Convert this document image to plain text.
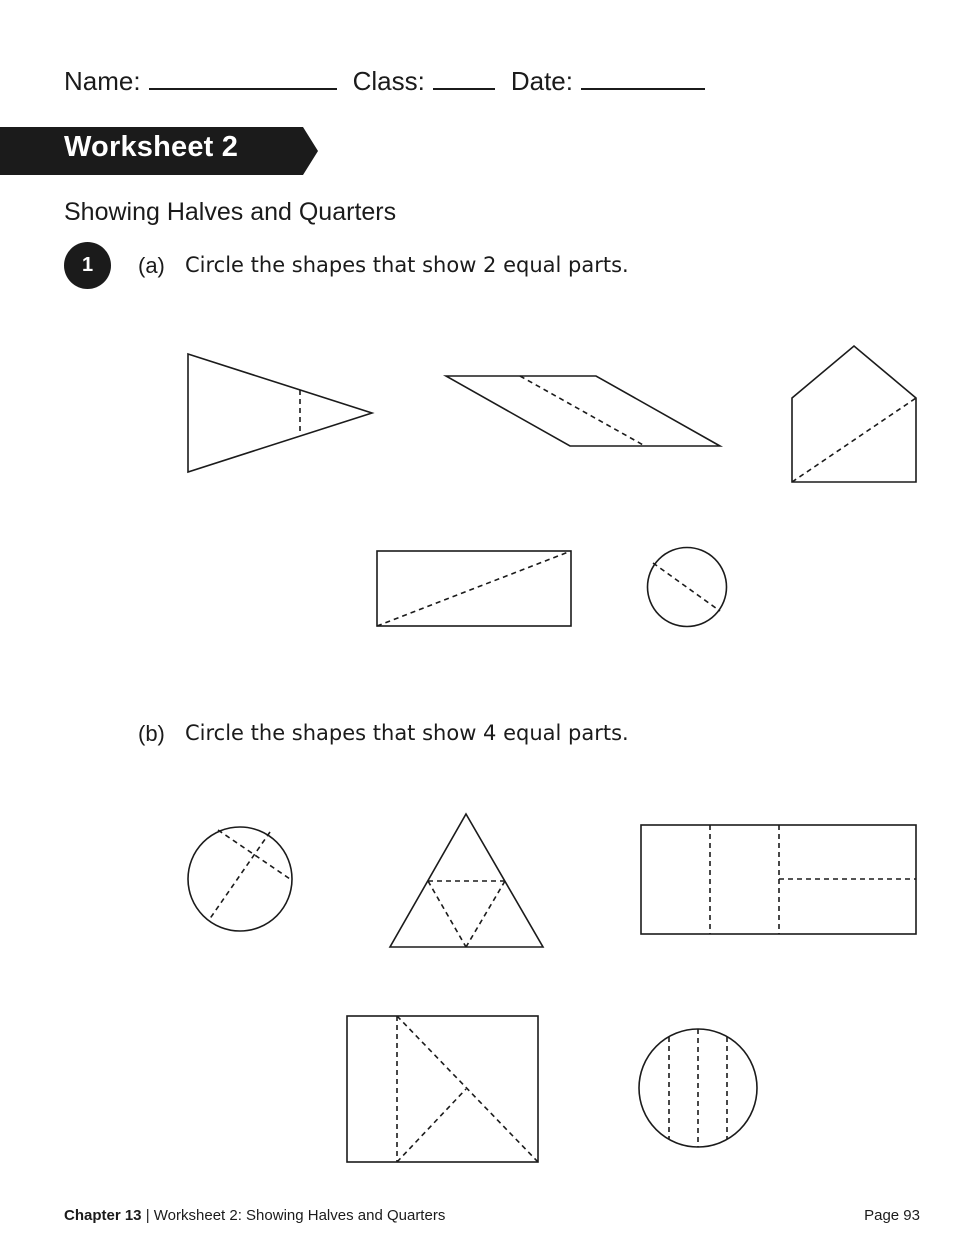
Name:	Class:	Date:
Worksheet 2
Showing Halves and Quarters
1	(a) Circle the shapes that show 2 equal parts.
(b) Circle the shapes that show 4 equal parts.
Chapter 13 | Worksheet 2: Showing Halves and Quarters	Page 93
